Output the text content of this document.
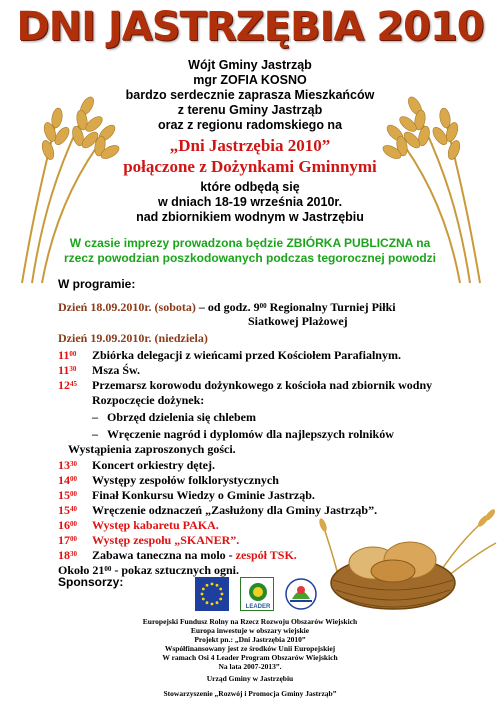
DNI JASTRZĘBIA 2010
Wójt Gminy Jastrząb
mgr ZOFIA KOSNO
bardzo serdecznie zaprasza Mieszkańców
z terenu Gminy Jastrząb
oraz z regionu radomskiego na
„Dni Jastrzębia 2010”
połączone z Dożynkami Gminnymi
które odbędą się
w dniach 18-19 września 2010r.
nad zbiornikiem wodnym w Jastrzębiu
W czasie imprezy prowadzona będzie ZBIÓRKA PUBLICZNA na
rzecz powodzian poszkodowanych podczas tegorocznej powodzi
W programie:
Dzień 18.09.2010r. (sobota) – od godz. $9^{00}$ Regionalny Turniej Piłki
Siatkowej Plażowej
Dzień 19.09.2010r. (niedziela)
$11^{00}$ Zbiórka delegacji z wieńcami przed Kościołem Parafialnym.
$11^{30}$ Msza Św.
$12^{45}$ Przemarsz korowodu dożynkowego z kościoła nad zbiornik wodny
Rozpoczęcie dożynek:
–   Obrzęd dzielenia się chlebem
–   Wręczenie nagród i dyplomów dla najlepszych rolników
Wystąpienia zaproszonych gości.
$13^{30}$ Koncert orkiestry dętej.
$14^{00}$ Występy zespołów folklorystycznych
$15^{00}$ Finał Konkursu Wiedzy o Gminie Jastrząb.
$15^{40}$ Wręczenie odznaczeń „Zasłużony dla Gminy Jastrząb”.
$16^{00}$ Występ kabaretu PAKA.
$17^{00}$ Występ zespołu „SKANER”.
$18^{30}$ Zabawa taneczna na molo - zespół TSK.
Około $21^{00}$ - pokaz sztucznych ogni.
Sponsorzy:
LEADER
Europejski Fundusz Rolny na Rzecz Rozwoju Obszarów Wiejskich
Europa inwestuje w obszary wiejskie
Projekt pn.: „Dni Jastrzębia 2010”
Współfinansowany jest ze środków Unii Europejskiej
W ramach Osi 4 Leader Program Obszarów Wiejskich
Na lata 2007-2013”.
Urząd Gminy w Jastrzębiu
Stowarzyszenie „Rozwój i Promocja Gminy Jastrząb”
